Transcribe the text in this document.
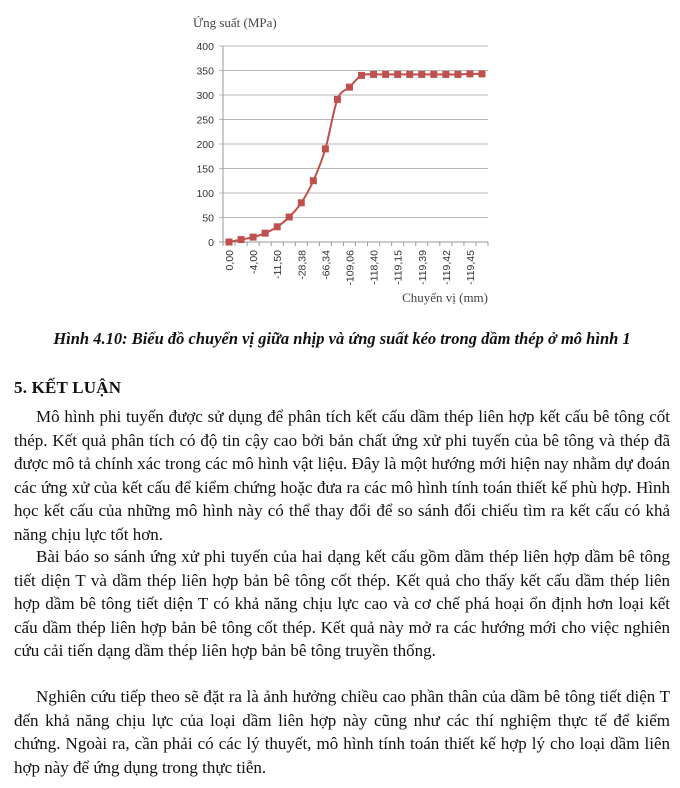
Ứng suất (MPa)
0
50
100
150
200
250
300
350
400
0,00 -4,00 -11,50 -28,38 -66,34 -109,06 -118,40 -119,15 -119,39 -119,42 -119,45
Chuyển vị (mm)
Hình 4.10: Biểu đồ chuyển vị giữa nhịp và ứng suất kéo trong dầm thép ở mô hình 1
5. KẾT LUẬN

Mô hình phi tuyến được sử dụng để phân tích kết cấu dầm thép liên hợp kết cấu bê tông cốt thép. Kết quả phân tích có độ tin cậy cao bởi bản chất ứng xử phi tuyến của bê tông và thép đã được mô tả chính xác trong các mô hình vật liệu. Đây là một hướng mới hiện nay nhằm dự đoán các ứng xử của kết cấu để kiểm chứng hoặc đưa ra các mô hình tính toán thiết kế phù hợp. Hình học kết cấu của những mô hình này có thể thay đổi để so sánh đối chiếu tìm ra kết cấu có khả năng chịu lực tốt hơn.

Bài báo so sánh ứng xử phi tuyến của hai dạng kết cấu gồm dầm thép liên hợp dầm bê tông tiết diện T và dầm thép liên hợp bản bê tông cốt thép. Kết quả cho thấy kết cấu dầm thép liên hợp dầm bê tông tiết diện T có khả năng chịu lực cao và cơ chế phá hoại ổn định hơn loại kết cấu dầm thép liên hợp bản bê tông cốt thép. Kết quả này mở ra các hướng mới cho việc nghiên cứu cải tiến dạng dầm thép liên hợp bản bê tông truyền thống.

Nghiên cứu tiếp theo sẽ đặt ra là ảnh hưởng chiều cao phần thân của dầm bê tông tiết diện T đến khả năng chịu lực của loại dầm liên hợp này cũng như các thí nghiệm thực tế để kiểm chứng. Ngoài ra, cần phải có các lý thuyết, mô hình tính toán thiết kế hợp lý cho loại dầm liên hợp này để ứng dụng trong thực tiễn.
